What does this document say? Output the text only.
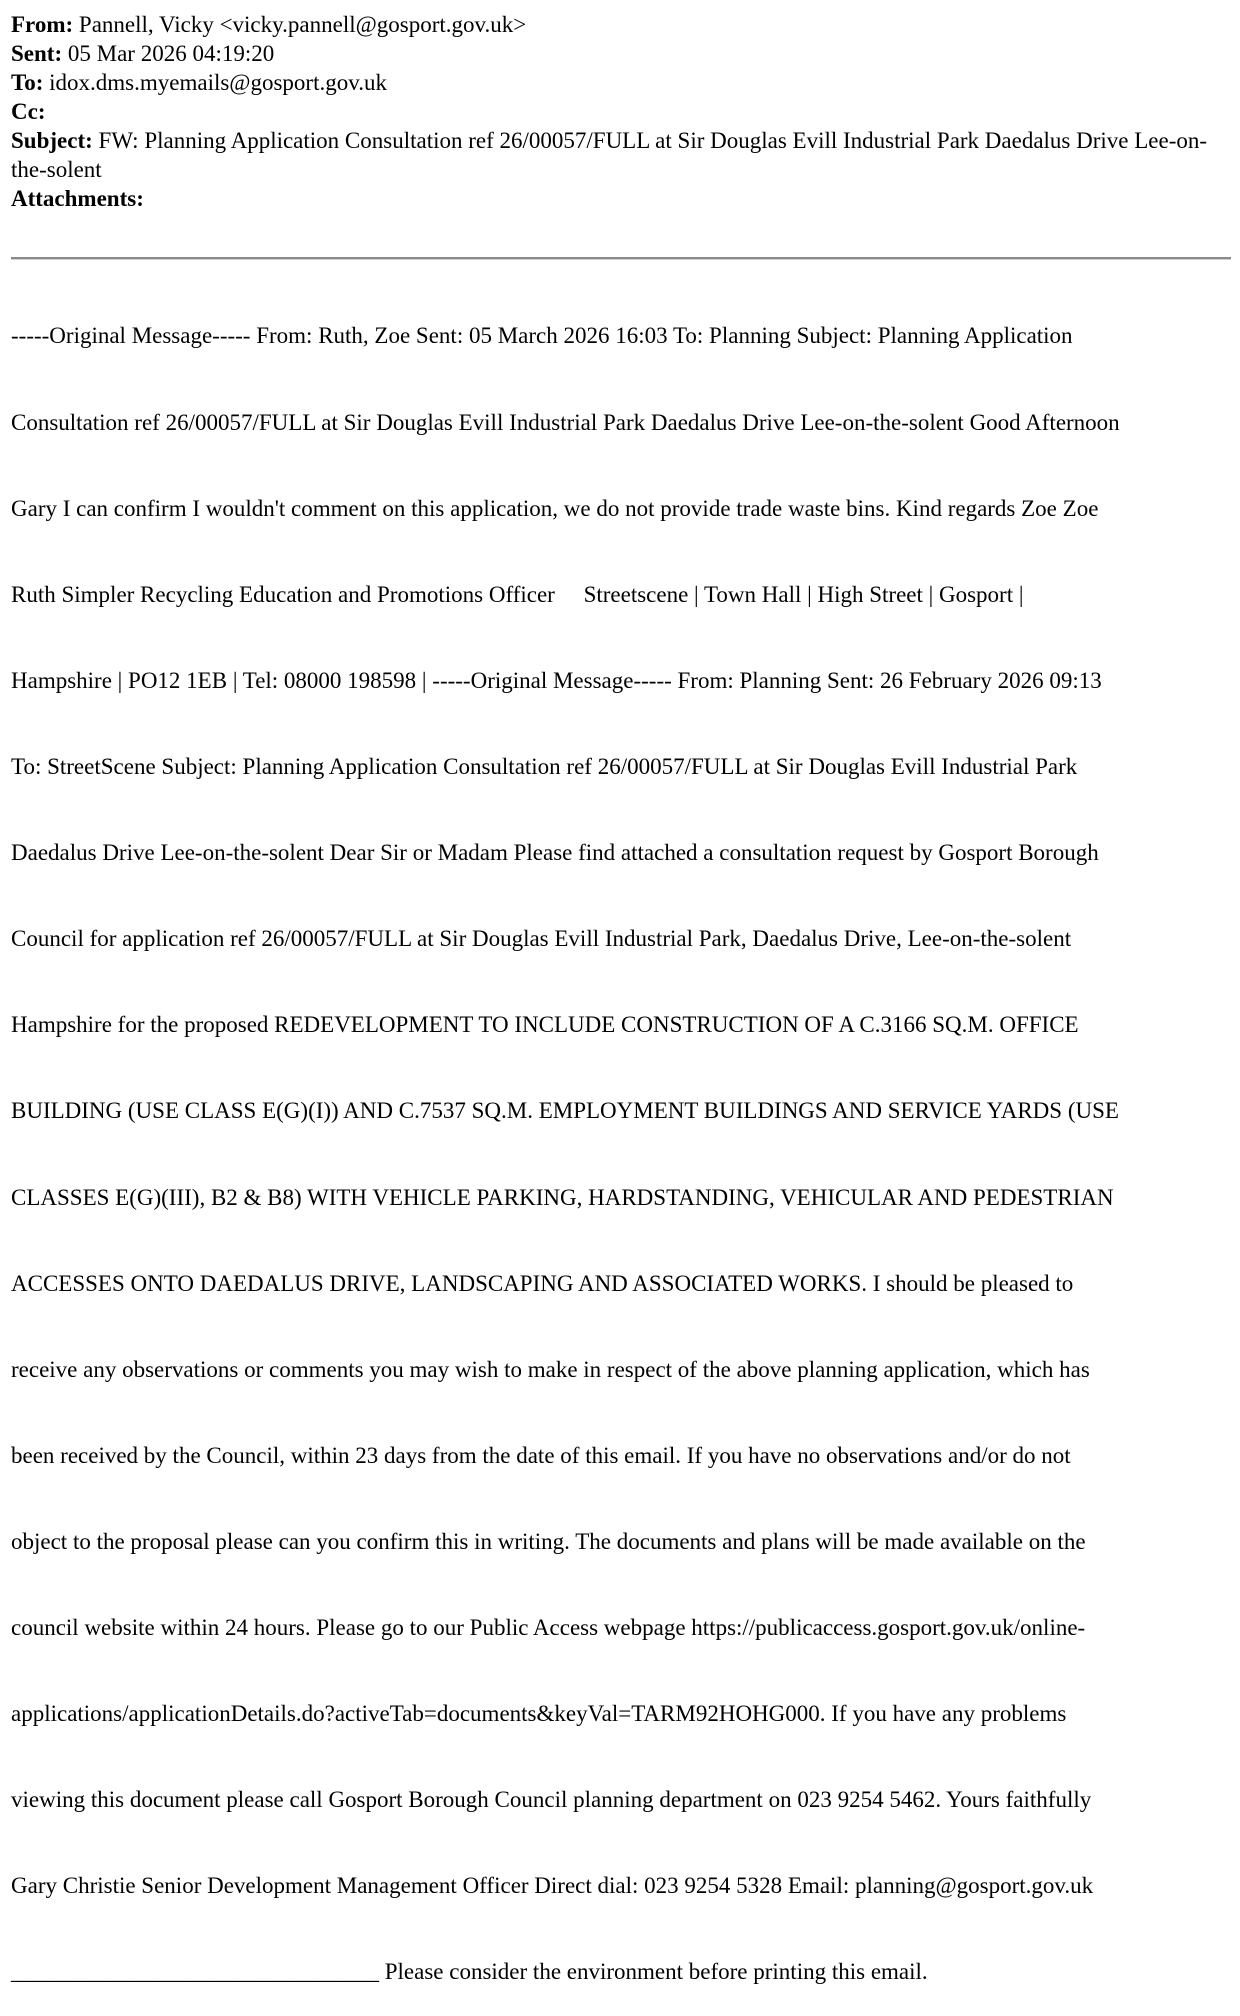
From: Pannell, Vicky <vicky.pannell@gosport.gov.uk>

Sent: 05 Mar 2026 04:19:20

To: idox.dms.myemails@gosport.gov.uk

Cc:

Subject: FW: Planning Application Consultation ref 26/00057/FULL at Sir Douglas Evill Industrial Park Daedalus Drive Lee-on-the-solent

Attachments:

-----Original Message----- From: Ruth, Zoe Sent: 05 March 2026 16:03 To: Planning Subject: Planning Application

Consultation ref 26/00057/FULL at Sir Douglas Evill Industrial Park Daedalus Drive Lee-on-the-solent Good Afternoon

Gary I can confirm I wouldn't comment on this application, we do not provide trade waste bins. Kind regards Zoe Zoe

Ruth Simpler Recycling Education and Promotions Officer     Streetscene | Town Hall | High Street | Gosport |

Hampshire | PO12 1EB | Tel: 08000 198598 | -----Original Message----- From: Planning Sent: 26 February 2026 09:13

To: StreetScene Subject: Planning Application Consultation ref 26/00057/FULL at Sir Douglas Evill Industrial Park

Daedalus Drive Lee-on-the-solent Dear Sir or Madam Please find attached a consultation request by Gosport Borough

Council for application ref 26/00057/FULL at Sir Douglas Evill Industrial Park, Daedalus Drive, Lee-on-the-solent

Hampshire for the proposed REDEVELOPMENT TO INCLUDE CONSTRUCTION OF A C.3166 SQ.M. OFFICE

BUILDING (USE CLASS E(G)(I)) AND C.7537 SQ.M. EMPLOYMENT BUILDINGS AND SERVICE YARDS (USE

CLASSES E(G)(III), B2 & B8) WITH VEHICLE PARKING, HARDSTANDING, VEHICULAR AND PEDESTRIAN

ACCESSES ONTO DAEDALUS DRIVE, LANDSCAPING AND ASSOCIATED WORKS. I should be pleased to

receive any observations or comments you may wish to make in respect of the above planning application, which has

been received by the Council, within 23 days from the date of this email. If you have no observations and/or do not

object to the proposal please can you confirm this in writing. The documents and plans will be made available on the

council website within 24 hours. Please go to our Public Access webpage https://publicaccess.gosport.gov.uk/online-

applications/applicationDetails.do?activeTab=documents&keyVal=TARM92HOHG000. If you have any problems

viewing this document please call Gosport Borough Council planning department on 023 9254 5462. Yours faithfully

Gary Christie Senior Development Management Officer Direct dial: 023 9254 5328 Email: planning@gosport.gov.uk

________________________________ Please consider the environment before printing this email.
